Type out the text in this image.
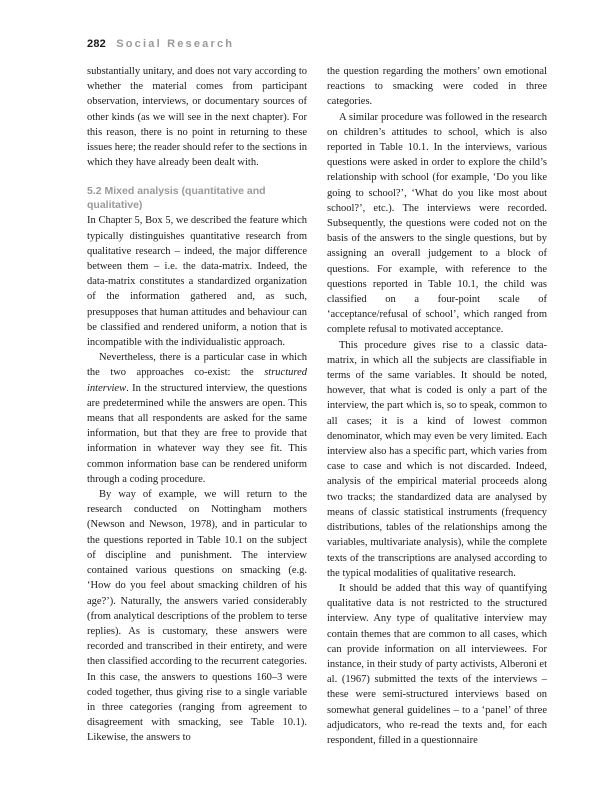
282 Social Research

substantially unitary, and does not vary according to whether the material comes from participant observation, interviews, or documentary sources of other kinds (as we will see in the next chapter). For this reason, there is no point in returning to these issues here; the reader should refer to the sections in which they have already been dealt with.

5.2 Mixed analysis (quantitative and qualitative)

In Chapter 5, Box 5, we described the feature which typically distinguishes quantitative research from qualitative research – indeed, the major difference between them – i.e. the data-matrix. Indeed, the data-matrix constitutes a standardized organization of the information gathered and, as such, presupposes that human attitudes and behaviour can be classified and rendered uniform, a notion that is incompatible with the individualistic approach.

Nevertheless, there is a particular case in which the two approaches co-exist: the structured interview. In the structured interview, the questions are predetermined while the answers are open. This means that all respondents are asked for the same information, but that they are free to provide that information in whatever way they see fit. This common information base can be rendered uniform through a coding procedure.

By way of example, we will return to the research conducted on Nottingham mothers (Newson and Newson, 1978), and in particular to the questions reported in Table 10.1 on the subject of discipline and punishment. The interview contained various questions on smacking (e.g. ‘How do you feel about smacking children of his age?’). Naturally, the answers varied considerably (from analytical descriptions of the problem to terse replies). As is customary, these answers were recorded and transcribed in their entirety, and were then classified according to the recurrent categories. In this case, the answers to questions 160–3 were coded together, thus giving rise to a single variable in three categories (ranging from agreement to disagreement with smacking, see Table 10.1). Likewise, the answers to

the question regarding the mothers’ own emotional reactions to smacking were coded in three categories.

A similar procedure was followed in the research on children’s attitudes to school, which is also reported in Table 10.1. In the interviews, various questions were asked in order to explore the child’s relationship with school (for example, ‘Do you like going to school?’, ‘What do you like most about school?’, etc.). The interviews were recorded. Subsequently, the questions were coded not on the basis of the answers to the single questions, but by assigning an overall judgement to a block of questions. For example, with reference to the questions reported in Table 10.1, the child was classified on a four-point scale of ‘acceptance/refusal of school’, which ranged from complete refusal to motivated acceptance.

This procedure gives rise to a classic data-matrix, in which all the subjects are classifiable in terms of the same variables. It should be noted, however, that what is coded is only a part of the interview, the part which is, so to speak, common to all cases; it is a kind of lowest common denominator, which may even be very limited. Each interview also has a specific part, which varies from case to case and which is not discarded. Indeed, analysis of the empirical material proceeds along two tracks; the standardized data are analysed by means of classic statistical instruments (frequency distributions, tables of the relationships among the variables, multivariate analysis), while the complete texts of the transcriptions are analysed according to the typical modalities of qualitative research.

It should be added that this way of quantifying qualitative data is not restricted to the structured interview. Any type of qualitative interview may contain themes that are common to all cases, which can provide information on all interviewees. For instance, in their study of party activists, Alberoni et al. (1967) submitted the texts of the interviews – these were semi-structured interviews based on somewhat general guidelines – to a ‘panel’ of three adjudicators, who re-read the texts and, for each respondent, filled in a questionnaire
